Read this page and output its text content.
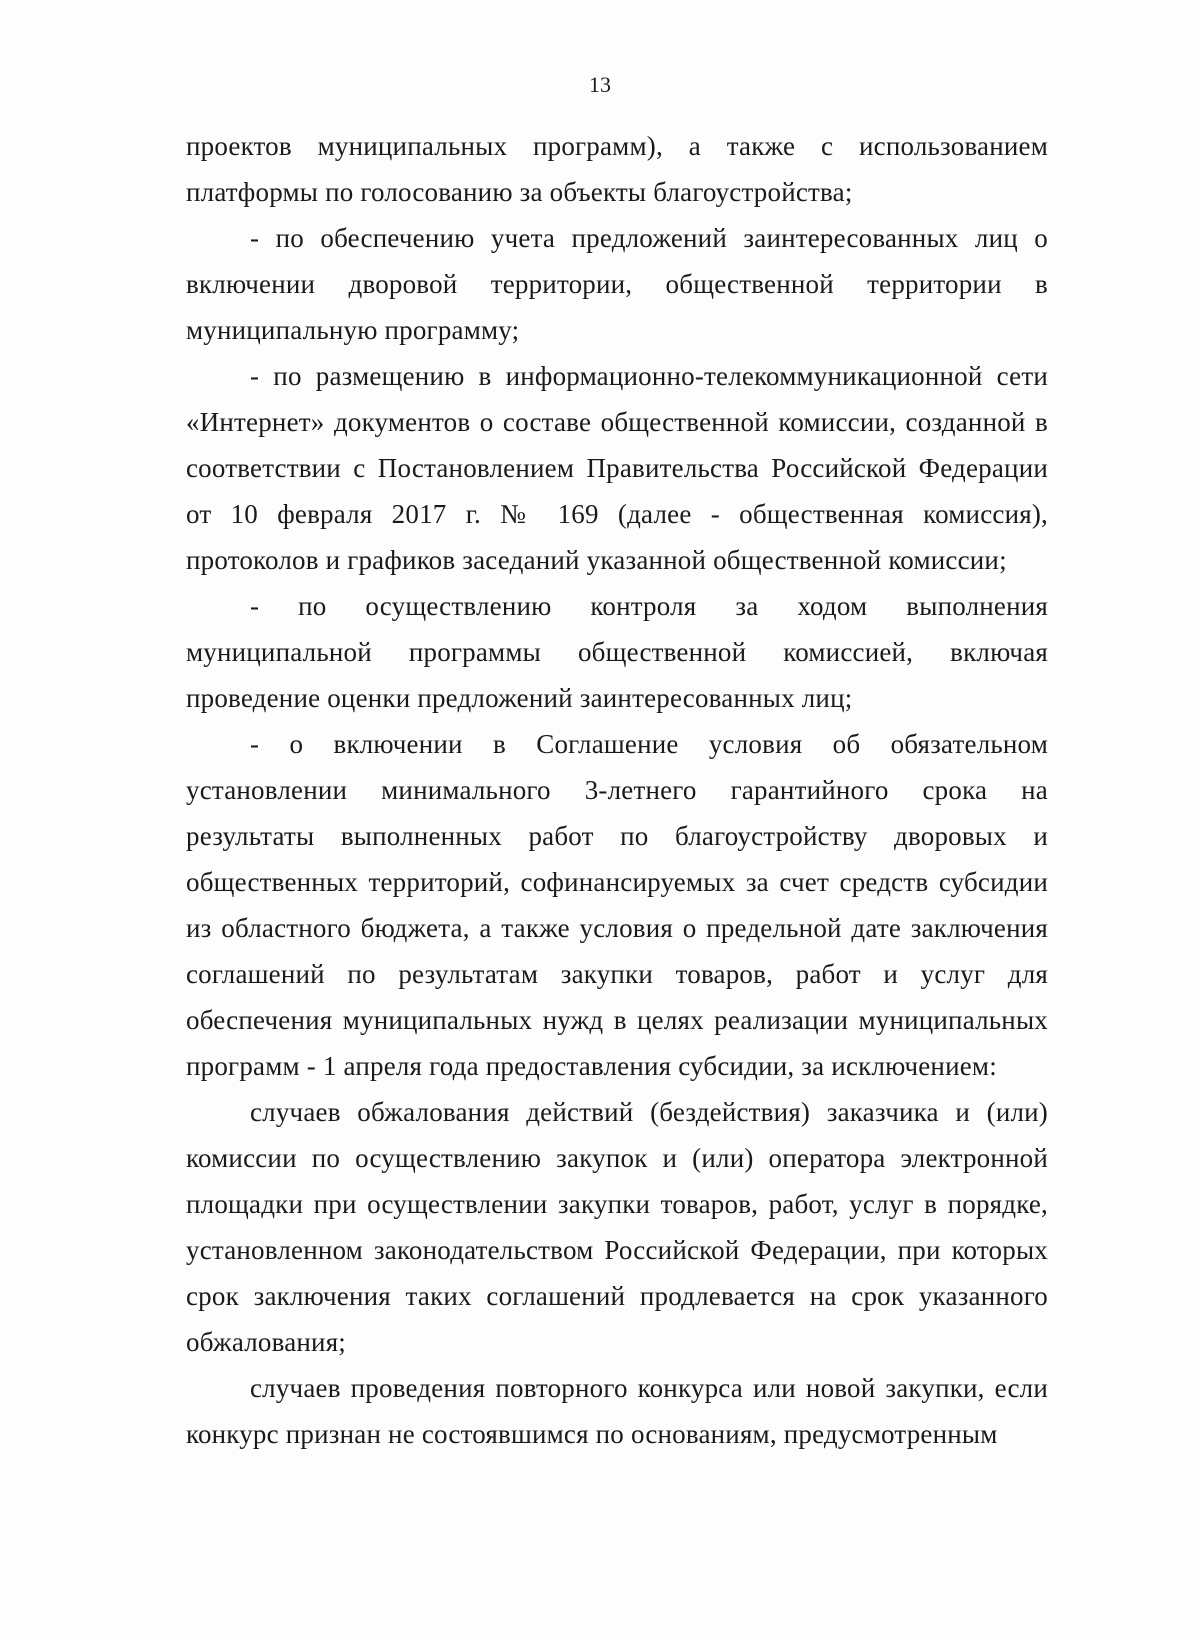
13

проектов муниципальных программ), а также с использованием платформы по голосованию за объекты благоустройства;

- по обеспечению учета предложений заинтересованных лиц о включении дворовой территории, общественной территории в муниципальную программу;

- по размещению в информационно-телекоммуникационной сети «Интернет» документов о составе общественной комиссии, созданной в соответствии с Постановлением Правительства Российской Федерации от 10 февраля 2017 г. № 169 (далее - общественная комиссия), протоколов и графиков заседаний указанной общественной комиссии;

- по осуществлению контроля за ходом выполнения муниципальной программы общественной комиссией, включая проведение оценки предложений заинтересованных лиц;

- о включении в Соглашение условия об обязательном установлении минимального 3-летнего гарантийного срока на результаты выполненных работ по благоустройству дворовых и общественных территорий, софинансируемых за счет средств субсидии из областного бюджета, а также условия о предельной дате заключения соглашений по результатам закупки товаров, работ и услуг для обеспечения муниципальных нужд в целях реализации муниципальных программ - 1 апреля года предоставления субсидии, за исключением:

случаев обжалования действий (бездействия) заказчика и (или) комиссии по осуществлению закупок и (или) оператора электронной площадки при осуществлении закупки товаров, работ, услуг в порядке, установленном законодательством Российской Федерации, при которых срок заключения таких соглашений продлевается на срок указанного обжалования;

случаев проведения повторного конкурса или новой закупки, если конкурс признан не состоявшимся по основаниям, предусмотренным
